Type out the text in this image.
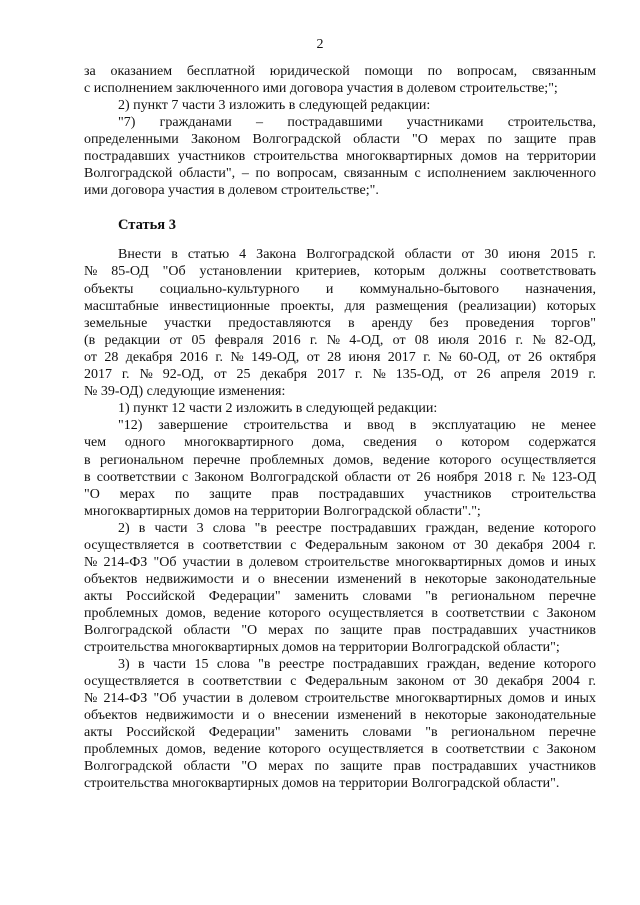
2
Статья 3
за оказанием бесплатной юридической помощи по вопросам, связанным
с исполнением заключенного ими договора участия в долевом строительстве;";
2) пункт 7 части 3 изложить в следующей редакции:
"7) гражданами – пострадавшими участниками строительства,
определенными Законом Волгоградской области "О мерах по защите прав
пострадавших участников строительства многоквартирных домов на территории
Волгоградской области", – по вопросам, связанным с исполнением заключенного
ими договора участия в долевом строительстве;".
Внести в статью 4 Закона Волгоградской области от 30 июня 2015 г.
№ 85-ОД "Об установлении критериев, которым должны соответствовать
объекты социально-культурного и коммунально-бытового назначения,
масштабные инвестиционные проекты, для размещения (реализации) которых
земельные участки предоставляются в аренду без проведения торгов"
(в редакции от 05 февраля 2016 г. № 4-ОД, от 08 июля 2016 г. № 82-ОД,
от 28 декабря 2016 г. № 149-ОД, от 28 июня 2017 г. № 60-ОД, от 26 октября
2017 г. № 92-ОД, от 25 декабря 2017 г. № 135-ОД, от 26 апреля 2019 г.
№ 39-ОД) следующие изменения:
1) пункт 12 части 2 изложить в следующей редакции:
"12) завершение строительства и ввод в эксплуатацию не менее
чем одного многоквартирного дома, сведения о котором содержатся
в региональном перечне проблемных домов, ведение которого осуществляется
в соответствии с Законом Волгоградской области от 26 ноября 2018 г. № 123-ОД
"О мерах по защите прав пострадавших участников строительства
многоквартирных домов на территории Волгоградской области".";
2) в части 3 слова "в реестре пострадавших граждан, ведение которого
осуществляется в соответствии с Федеральным законом от 30 декабря 2004 г.
№ 214-ФЗ "Об участии в долевом строительстве многоквартирных домов и иных
объектов недвижимости и о внесении изменений в некоторые законодательные
акты Российской Федерации" заменить словами "в региональном перечне
проблемных домов, ведение которого осуществляется в соответствии с Законом
Волгоградской области "О мерах по защите прав пострадавших участников
строительства многоквартирных домов на территории Волгоградской области";
3) в части 15 слова "в реестре пострадавших граждан, ведение которого
осуществляется в соответствии с Федеральным законом от 30 декабря 2004 г.
№ 214-ФЗ "Об участии в долевом строительстве многоквартирных домов и иных
объектов недвижимости и о внесении изменений в некоторые законодательные
акты Российской Федерации" заменить словами "в региональном перечне
проблемных домов, ведение которого осуществляется в соответствии с Законом
Волгоградской области "О мерах по защите прав пострадавших участников
строительства многоквартирных домов на территории Волгоградской области".
